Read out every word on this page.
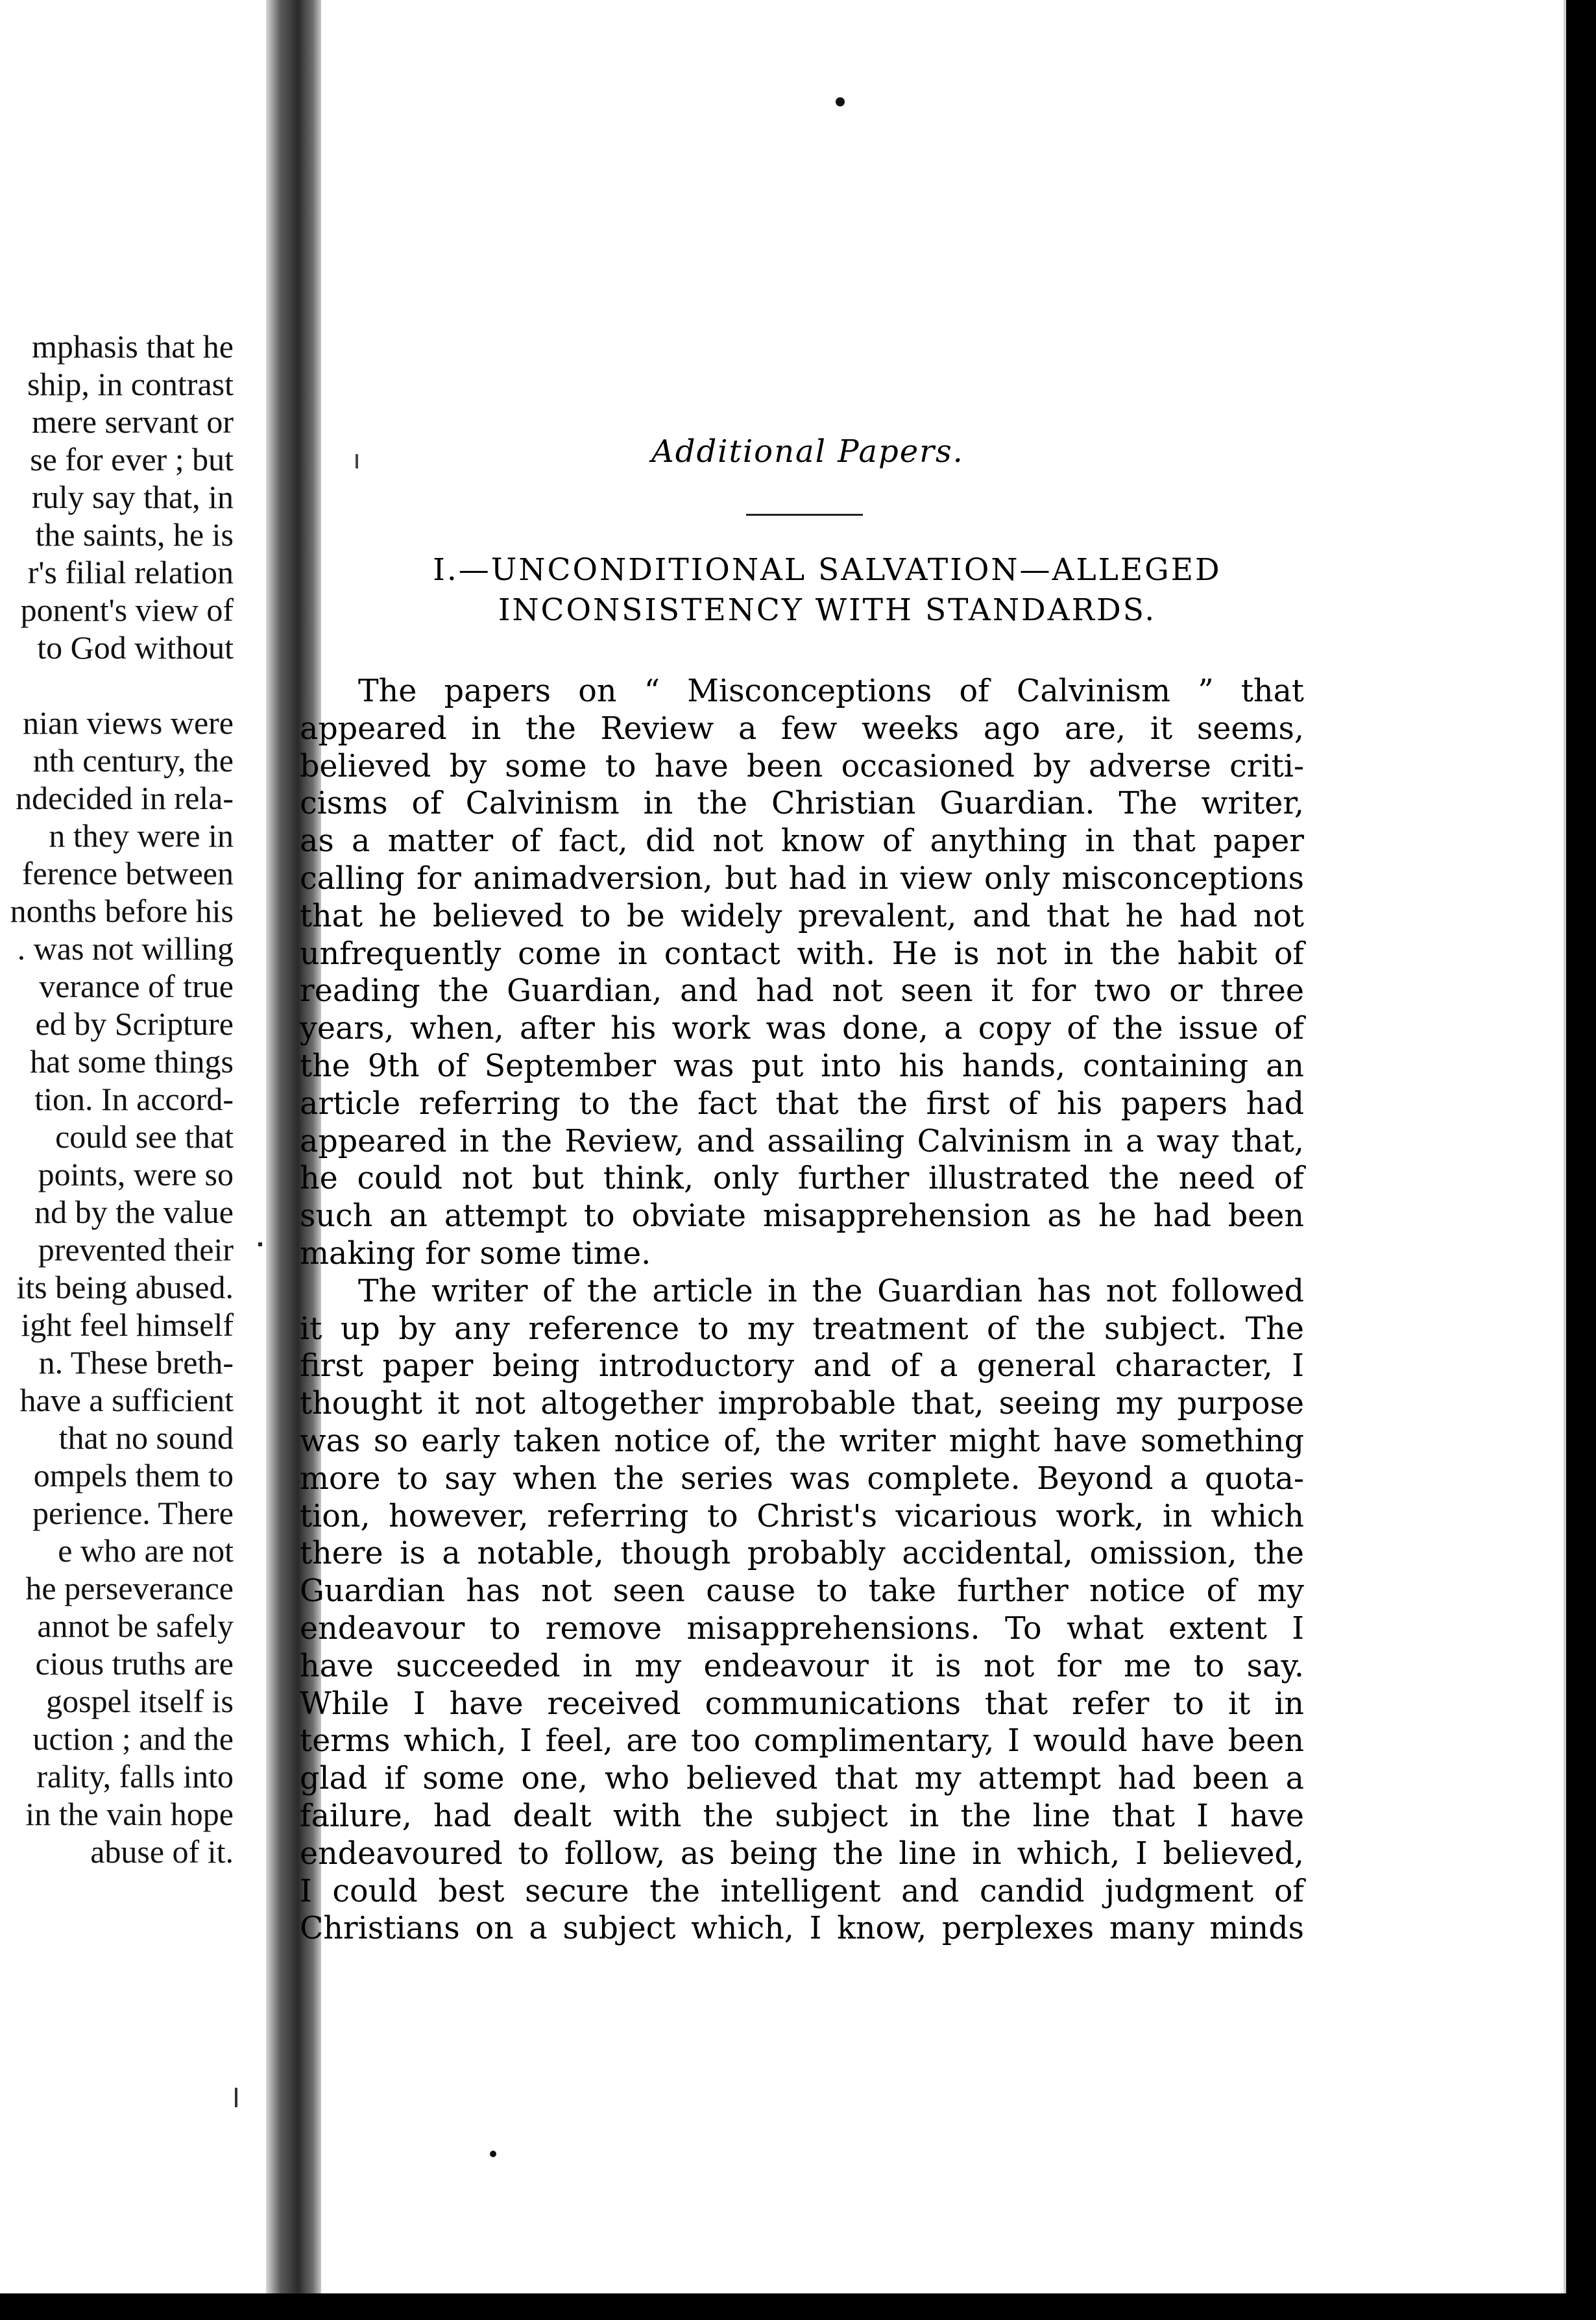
mphasis that he
ship, in contrast
mere servant or
se for ever ; but
ruly say that, in
the saints, he is
r's filial relation
ponent's view of
to God without
nian views were
nth century, the
ndecided in rela-
n they were in
ference between
nonths before his
. was not willing
verance of true
ed by Scripture
hat some things
tion. In accord-
could see that
points, were so
nd by the value
prevented their
its being abused.
ight feel himself
n. These breth-
have a sufficient
that no sound
ompels them to
perience. There
e who are not
he perseverance
annot be safely
cious truths are
gospel itself is
uction ; and the
rality, falls into
in the vain hope
abuse of it.
Additional Papers.
I.—UNCONDITIONAL SALVATION—ALLEGED
INCONSISTENCY WITH STANDARDS.
The papers on “ Misconceptions of Calvinism ” that
appeared in the Review a few weeks ago are, it seems,
believed by some to have been occasioned by adverse criti-
cisms of Calvinism in the Christian Guardian. The writer,
as a matter of fact, did not know of anything in that paper
calling for animadversion, but had in view only misconceptions
that he believed to be widely prevalent, and that he had not
unfrequently come in contact with. He is not in the habit of
reading the Guardian, and had not seen it for two or three
years, when, after his work was done, a copy of the issue of
the 9th of September was put into his hands, containing an
article referring to the fact that the first of his papers had
appeared in the Review, and assailing Calvinism in a way that,
he could not but think, only further illustrated the need of
such an attempt to obviate misapprehension as he had been
making for some time.
The writer of the article in the Guardian has not followed
it up by any reference to my treatment of the subject. The
first paper being introductory and of a general character, I
thought it not altogether improbable that, seeing my purpose
was so early taken notice of, the writer might have something
more to say when the series was complete. Beyond a quota-
tion, however, referring to Christ's vicarious work, in which
there is a notable, though probably accidental, omission, the
Guardian has not seen cause to take further notice of my
endeavour to remove misapprehensions. To what extent I
have succeeded in my endeavour it is not for me to say.
While I have received communications that refer to it in
terms which, I feel, are too complimentary, I would have been
glad if some one, who believed that my attempt had been a
failure, had dealt with the subject in the line that I have
endeavoured to follow, as being the line in which, I believed,
I could best secure the intelligent and candid judgment of
Christians on a subject which, I know, perplexes many minds
